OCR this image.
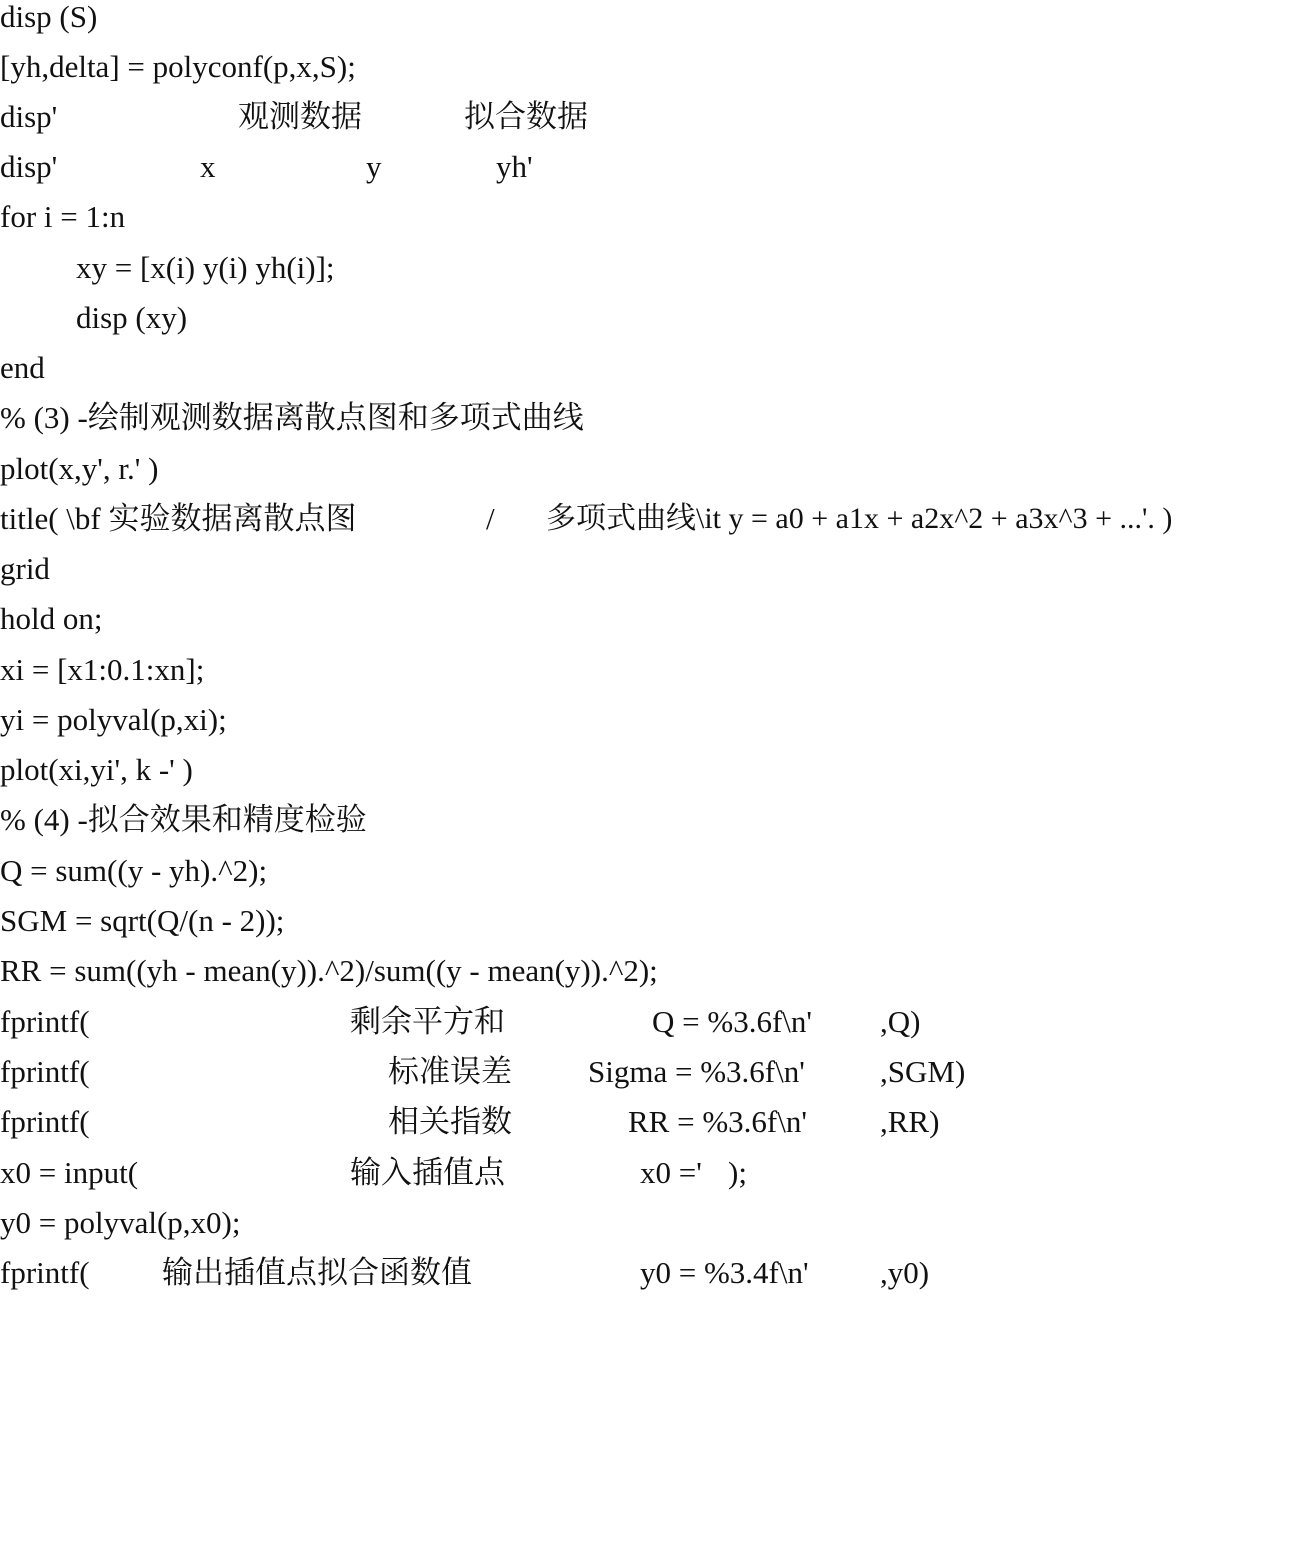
disp (S)

[yh,delta] = polyconf(p,x,S);

disp'

	观测数据

	拟合数据

disp'

	x

	y

	yh'

for i = 1:n

xy = [x(i) y(i) yh(i)];

disp (xy)

end

% (3) -绘制观测数据离散点图和多项式曲线

plot(x,y', r.' )

title( \bf 实验数据离散点图

	/

多项式曲线\it y = a0 + a1x + a2x^2 + a3x^3 + ...'. )

grid

hold on;

xi = [x1:0.1:xn];

yi = polyval(p,xi);

plot(xi,yi', k -' )

% (4) -拟合效果和精度检验

Q = sum((y - yh).^2);

SGM = sqrt(Q/(n - 2));

RR = sum((yh - mean(y)).^2)/sum((y - mean(y)).^2);

fprintf(

	剩余平方和

	Q = %3.6f\n'

,Q)

fprintf(

	标准误差

Sigma = %3.6f\n'

,SGM)

fprintf(

	相关指数

	RR = %3.6f\n'

,RR)

x0 = input(

	输入插值点

	x0 ='

);

y0 = polyval(p,x0);

fprintf(

输出插值点拟合函数值

	y0 = %3.4f\n'

,y0)
